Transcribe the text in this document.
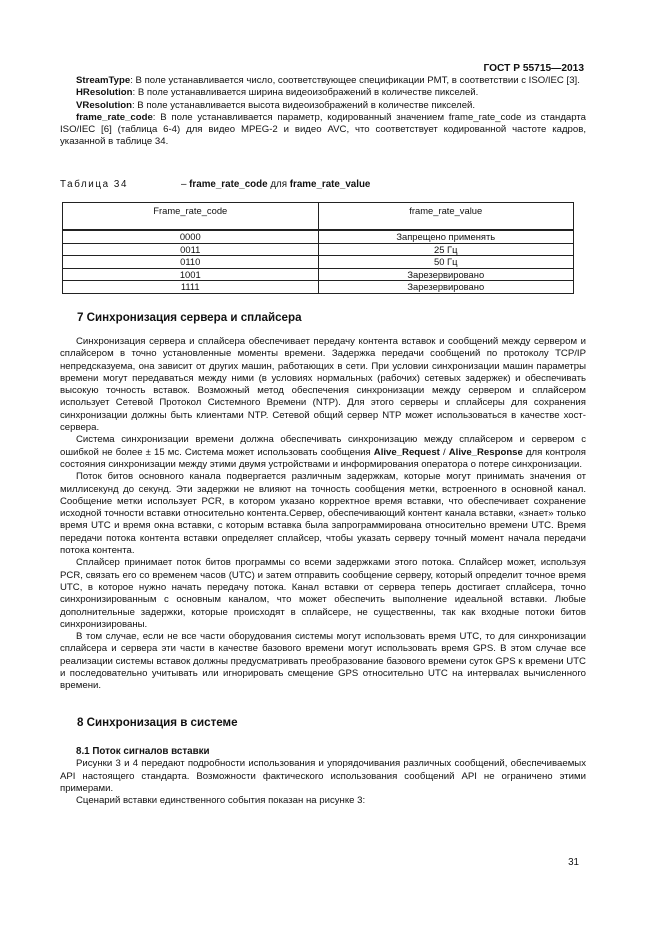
ГОСТ Р 55715—2013

StreamType: В поле устанавливается число, соответствующее спецификации PMT, в соответствии с ISO/IEC [3].

HResolution: В поле устанавливается ширина видеоизображений в количестве пикселей.

VResolution: В поле устанавливается высота видеоизображений в количестве пикселей.

frame_rate_code: В поле устанавливается параметр, кодированный значением frame_rate_code из стандарта ISO/IEC [6] (таблица 6-4) для видео MPEG-2 и видео AVC, что соответствует кодированной частоте кадров, указанной в таблице 34.

Таблица 34	– frame_rate_code для frame_rate_value
Frame_rate_code	frame_rate_value
0000	Запрещено применять
0011	25 Гц
0110	50 Гц
1001	Зарезервировано
1111	Зарезервировано
7 Синхронизация сервера и сплайсера

Синхронизация сервера и сплайсера обеспечивает передачу контента вставок и сообщений между сервером и сплайсером в точно установленные моменты времени. Задержка передачи сообщений по протоколу TCP/IP непредсказуема, она зависит от других машин, работающих в сети. При условии синхронизации машин параметры времени могут передаваться между ними (в условиях нормальных (рабочих) сетевых задержек) и обеспечивать высокую точность вставок. Возможный метод обеспечения синхронизации между сервером и сплайсером использует Сетевой Протокол Системного Времени (NTP). Для этого серверы и сплайсеры для сохранения синхронизации должны быть клиентами NTP. Сетевой общий сервер NTP может использоваться в качестве хост-сервера.

Система синхронизации времени должна обеспечивать синхронизацию между сплайсером и сервером с ошибкой не более ± 15 мс. Система может использовать сообщения Alive_Request / Alive_Response для контроля состояния синхронизации между этими двумя устройствами и информирования оператора о потере синхронизации.

Поток битов основного канала подвергается различным задержкам, которые могут принимать значения от миллисекунд до секунд. Эти задержки не влияют на точность сообщения метки, встроенного в основной канал. Сообщение метки использует PCR, в котором указано корректное время вставки, что обеспечивает сохранение исходной точности вставки относительно контента.Сервер, обеспечивающий контент канала вставки, «знает» только время UTC и время окна вставки, с которым вставка была запрограммирована относительно времени UTC. Время передачи потока контента вставки определяет сплайсер, чтобы указать серверу точный момент начала передачи потока контента.

Сплайсер принимает поток битов программы со всеми задержками этого потока. Сплайсер может, используя PCR, связать его со временем часов (UTC) и затем отправить сообщение серверу, который определит точное время UTC, в которое нужно начать передачу потока. Канал вставки от сервера теперь достигает сплайсера, точно синхронизированным с основным каналом, что может обеспечить выполнение идеальной вставки. Любые дополнительные задержки, которые происходят в сплайсере, не существенны, так как входные потоки битов синхронизированы.

В том случае, если не все части оборудования системы могут использовать время UTC, то для синхронизации сплайсера и сервера эти части в качестве базового времени могут использовать время GPS. В этом случае все реализации системы вставок должны предусматривать преобразование базового времени суток GPS к времени UTC и последовательно учитывать или игнорировать смещение GPS относительно UTC на интервалах вычисленного времени.

8 Синхронизация в системе
8.1 Поток сигналов вставки

Рисунки 3 и 4 передают подробности использования и упорядочивания различных сообщений, обеспечиваемых API настоящего стандарта. Возможности фактического использования сообщений API не ограничено этими примерами.

Сценарий вставки единственного события показан на рисунке 3:

31
